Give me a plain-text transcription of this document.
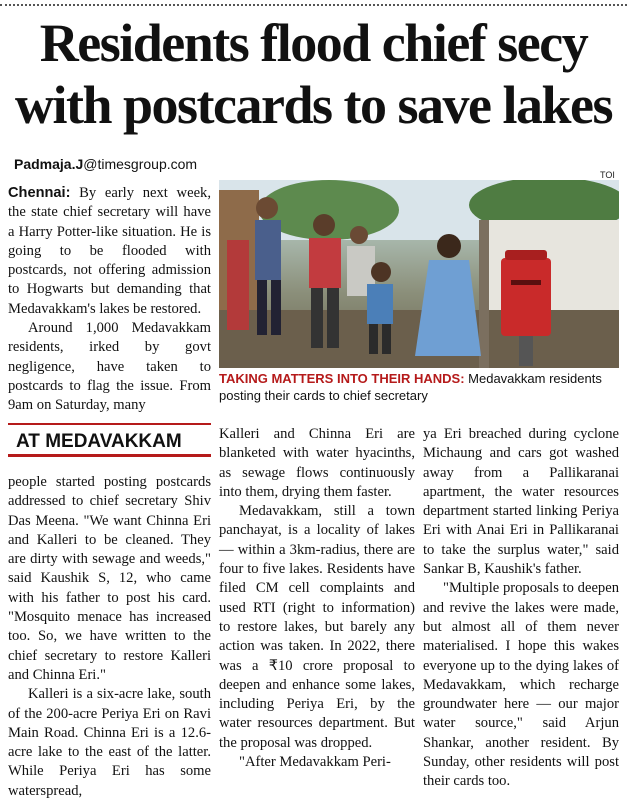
Residents flood chief secy
with postcards to save lakes
Padmaja.J@timesgroup.com

Chennai: By early next week, the state chief secretary will have a Harry Potter-like situation. He is going to be flooded with postcards, not offering admission to Hogwarts but demanding that Medavakkam's lakes be restored.

Around 1,000 Medavakkam residents, irked by govt negligence, have taken to postcards to flag the issue. From 9am on Saturday, many

AT MEDAVAKKAM

people started posting postcards addressed to chief secretary Shiv Das Meena. "We want Chinna Eri and Kalleri to be cleaned. They are dirty with sewage and weeds," said Kaushik S, 12, who came with his father to post his card. "Mosquito menace has increased too. So, we have written to the chief secretary to restore Kalleri and Chinna Eri."

Kalleri is a six-acre lake, south of the 200-acre Periya Eri on Ravi Main Road. Chinna Eri is a 12.6-acre lake to the east of the latter. While Periya Eri has some waterspread,

TOI
TAKING MATTERS INTO THEIR HANDS: Medavakkam residents posting their cards to chief secretary

Kalleri and Chinna Eri are blanketed with water hyacinths, as sewage flows continuously into them, drying them faster.

Medavakkam, still a town panchayat, is a locality of lakes — within a 3km-radius, there are four to five lakes. Residents have filed CM cell complaints and used RTI (right to information) to restore lakes, but barely any action was taken. In 2022, there was a ₹10 crore proposal to deepen and enhance some lakes, including Periya Eri, by the water resources department. But the proposal was dropped.

"After Medavakkam Peri-

ya Eri breached during cyclone Michaung and cars got washed away from a Pallikaranai apartment, the water resources department started linking Periya Eri with Anai Eri in Pallikaranai to take the surplus water," said Sankar B, Kaushik's father.

"Multiple proposals to deepen and revive the lakes were made, but almost all of them never materialised. I hope this wakes everyone up to the dying lakes of Medavakkam, which recharge groundwater here — our major water source," said Arjun Shankar, another resident. By Sunday, other residents will post their cards too.
